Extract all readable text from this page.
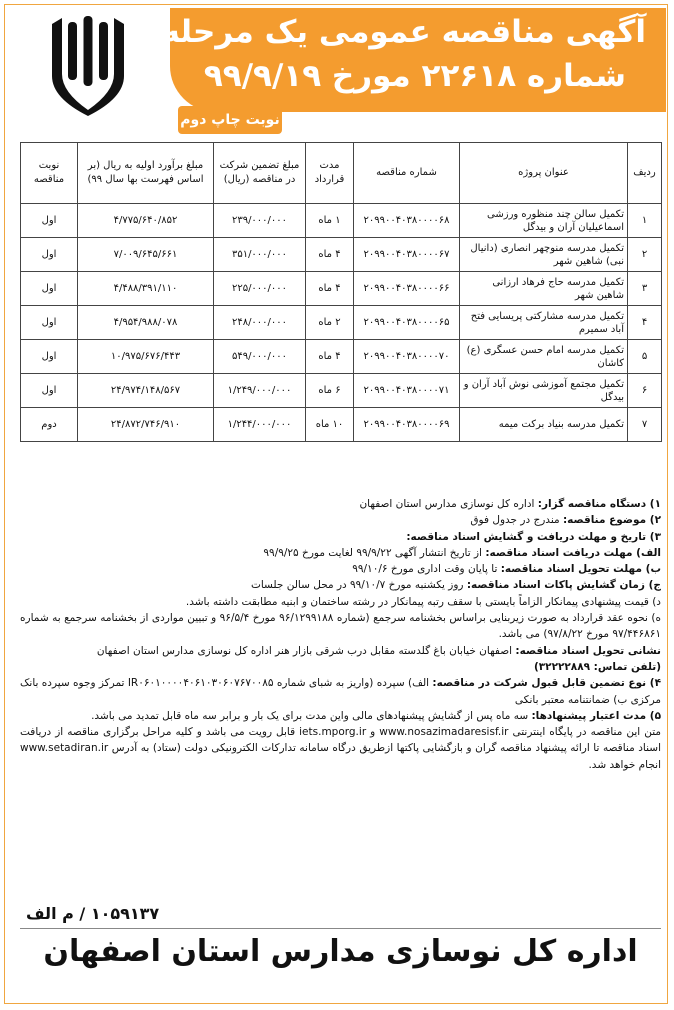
آگهی مناقصه عمومی یک مرحله‌ای
شماره ۲۲۶۱۸ مورخ ۹۹/۹/۱۹
نوبت چاپ دوم
ردیف	عنوان پروژه	شماره مناقصه	مدت قرارداد	مبلغ تضمین شرکت در مناقصه (ریال)	مبلغ برآورد اولیه به ریال (بر اساس فهرست بها سال ۹۹)	نوبت مناقصه
۱	تکمیل سالن چند منظوره ورزشی اسماعیلیان آران و بیدگل	۲۰۹۹۰۰۴۰۳۸۰۰۰۰۶۸	۱ ماه	۲۳۹/۰۰۰/۰۰۰	۴/۷۷۵/۶۴۰/۸۵۲	اول
۲	تکمیل مدرسه منوچهر انصاری (دانیال نبی) شاهین شهر	۲۰۹۹۰۰۴۰۳۸۰۰۰۰۶۷	۴ ماه	۳۵۱/۰۰۰/۰۰۰	۷/۰۰۹/۶۴۵/۶۶۱	اول
۳	تکمیل مدرسه حاج فرهاد ارزانی شاهین شهر	۲۰۹۹۰۰۴۰۳۸۰۰۰۰۶۶	۴ ماه	۲۲۵/۰۰۰/۰۰۰	۴/۴۸۸/۳۹۱/۱۱۰	اول
۴	تکمیل مدرسه مشارکتی پریسایی فتح آباد سمیرم	۲۰۹۹۰۰۴۰۳۸۰۰۰۰۶۵	۲ ماه	۲۴۸/۰۰۰/۰۰۰	۴/۹۵۴/۹۸۸/۰۷۸	اول
۵	تکمیل مدرسه امام حسن عسگری (ع) کاشان	۲۰۹۹۰۰۴۰۳۸۰۰۰۰۷۰	۴ ماه	۵۴۹/۰۰۰/۰۰۰	۱۰/۹۷۵/۶۷۶/۴۴۳	اول
۶	تکمیل مجتمع آموزشی نوش آباد آران و بیدگل	۲۰۹۹۰۰۴۰۳۸۰۰۰۰۷۱	۶ ماه	۱/۲۴۹/۰۰۰/۰۰۰	۲۴/۹۷۴/۱۴۸/۵۶۷	اول
۷	تکمیل مدرسه بنیاد برکت میمه	۲۰۹۹۰۰۴۰۳۸۰۰۰۰۶۹	۱۰ ماه	۱/۲۴۴/۰۰۰/۰۰۰	۲۴/۸۷۲/۷۴۶/۹۱۰	دوم

۱) دستگاه مناقصه گزار: اداره کل نوسازی مدارس استان اصفهان

۲) موضوع مناقصه: مندرج در جدول فوق

۳) تاریخ و مهلت دریافت و گشایش اسناد مناقصه:

الف) مهلت دریافت اسناد مناقصه: از تاریخ انتشار آگهی ۹۹/۹/۲۲ لغایت مورخ ۹۹/۹/۲۵

ب) مهلت تحویل اسناد مناقصه: تا پایان وقت اداری مورخ ۹۹/۱۰/۶

ج) زمان گشایش پاکات اسناد مناقصه: روز یکشنبه مورخ ۹۹/۱۰/۷ در محل سالن جلسات

د) قیمت پیشنهادی پیمانکار الزاماً بایستی با سقف رتبه پیمانکار در رشته ساختمان و ابنیه مطابقت داشته باشد.

ه) نحوه عقد قرارداد به صورت زیربنایی براساس بخشنامه سرجمع (شماره ۹۶/۱۲۹۹۱۸۸ مورخ ۹۶/۵/۴ و تبیین مواردی از بخشنامه سرجمع به شماره ۹۷/۴۴۶۸۶۱ مورخ ۹۷/۸/۲۲) می باشد.

نشانی تحویل اسناد مناقصه: اصفهان خیابان باغ گلدسته مقابل درب شرقی بازار هنر اداره کل نوسازی مدارس استان اصفهان

(تلفن تماس: ۳۲۲۲۲۸۸۹)

۴) نوع تضمین قابل قبول شرکت در مناقصه: الف) سپرده (واریز به شبای شماره IR۰۶۰۱۰۰۰۰۴۰۶۱۰۳۰۶۰۷۶۷۰۰۸۵ تمرکز وجوه سپرده بانک مرکزی ب) ضمانتنامه معتبر بانکی

۵) مدت اعتبار پیشنهادها: سه ماه پس از گشایش پیشنهادهای مالی واین مدت برای یک بار و برابر سه ماه قابل تمدید می باشد.

متن این مناقصه در پایگاه اینترنتی www.nosazimadaresisf.ir و iets.mporg.ir قابل رویت می باشد و کلیه مراحل برگزاری مناقصه از دریافت اسناد مناقصه تا ارائه پیشنهاد مناقصه گران و بازگشایی پاکتها ازطریق درگاه سامانه تدارکات الکترونیکی دولت (ستاد) به آدرس www.setadiran.ir انجام خواهد شد.

۱۰۵۹۱۳۷ / م الف
اداره کل نوسازی مدارس استان اصفهان
